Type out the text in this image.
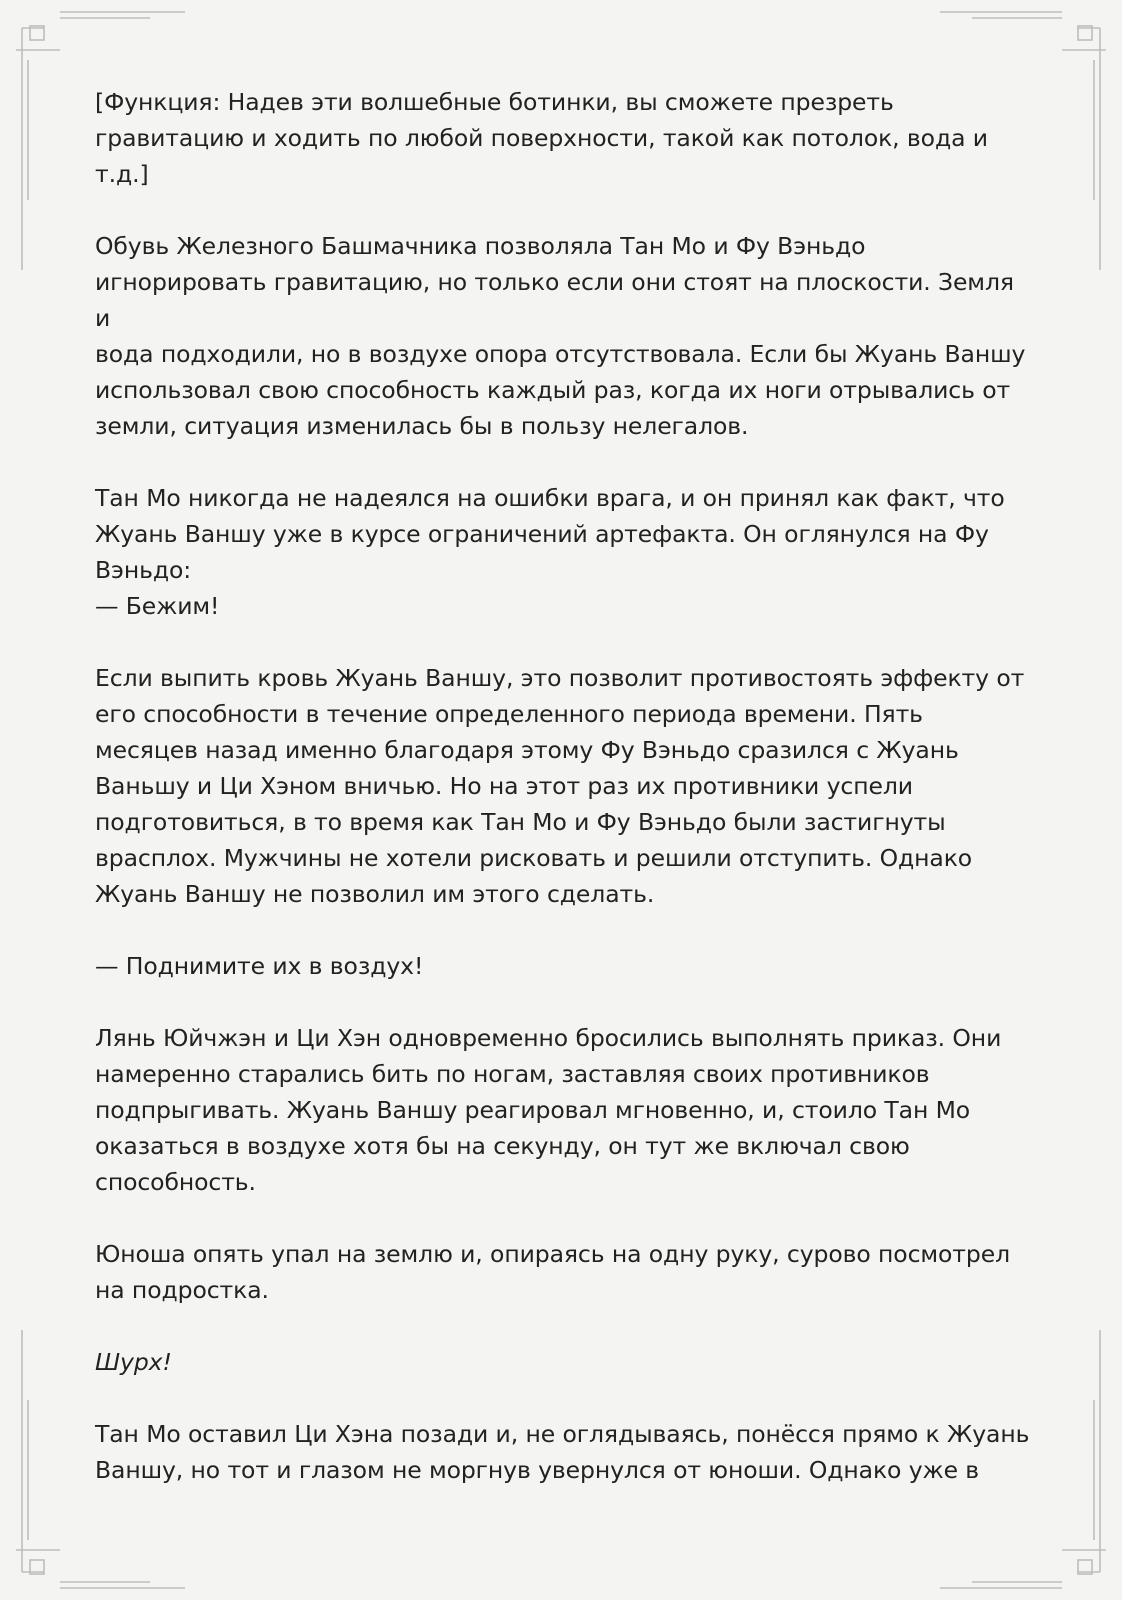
[Функция: Надев эти волшебные ботинки, вы сможете презреть
гравитацию и ходить по любой поверхности, такой как потолок, вода и
т.д.]

Обувь Железного Башмачника позволяла Тан Мо и Фу Вэньдо
игнорировать гравитацию, но только если они стоят на плоскости. Земля и
вода подходили, но в воздухе опора отсутствовала. Если бы Жуань Ваншу
использовал свою способность каждый раз, когда их ноги отрывались от
земли, ситуация изменилась бы в пользу нелегалов.

Тан Мо никогда не надеялся на ошибки врага, и он принял как факт, что
Жуань Ваншу уже в курсе ограничений артефакта. Он оглянулся на Фу
Вэньдо:
— Бежим!

Если выпить кровь Жуань Ваншу, это позволит противостоять эффекту от
его способности в течение определенного периода времени. Пять
месяцев назад именно благодаря этому Фу Вэньдо сразился с Жуань
Ваньшу и Ци Хэном вничью. Но на этот раз их противники успели
подготовиться, в то время как Тан Мо и Фу Вэньдо были застигнуты
врасплох. Мужчины не хотели рисковать и решили отступить. Однако
Жуань Ваншу не позволил им этого сделать.

— Поднимите их в воздух!

Лянь Юйчжэн и Ци Хэн одновременно бросились выполнять приказ. Они
намеренно старались бить по ногам, заставляя своих противников
подпрыгивать. Жуань Ваншу реагировал мгновенно, и, стоило Тан Мо
оказаться в воздухе хотя бы на секунду, он тут же включал свою
способность.

Юноша опять упал на землю и, опираясь на одну руку, сурово посмотрел
на подростка.

Шурх!

Тан Мо оставил Ци Хэна позади и, не оглядываясь, понёсся прямо к Жуань
Ваншу, но тот и глазом не моргнув увернулся от юноши. Однако уже в
